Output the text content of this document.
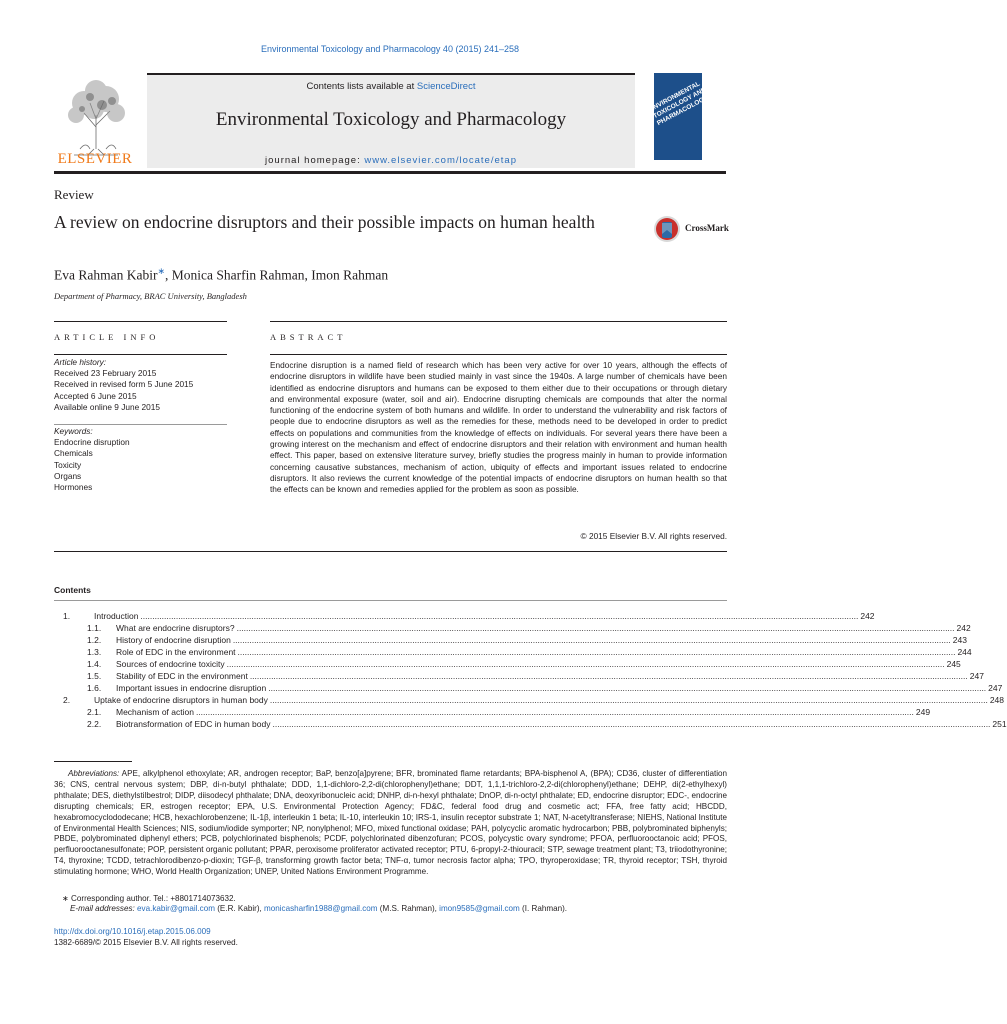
Environmental Toxicology and Pharmacology 40 (2015) 241–258
ELSEVIER
Contents lists available at ScienceDirect
Environmental Toxicology and Pharmacology
journal homepage: www.elsevier.com/locate/etap
ENVIRONMENTAL TOXICOLOGY AND PHARMACOLOGY
Review
A review on endocrine disruptors and their possible impacts on human health	CrossMark
Eva Rahman Kabir∗, Monica Sharfin Rahman, Imon Rahman
Department of Pharmacy, BRAC University, Bangladesh
ARTICLE INFO
Article history:
Received 23 February 2015
Received in revised form 5 June 2015
Accepted 6 June 2015
Available online 9 June 2015
Keywords:
Endocrine disruption
Chemicals
Toxicity
Organs
Hormones
ABSTRACT
Endocrine disruption is a named field of research which has been very active for over 10 years, although the effects of endocrine disruptors in wildlife have been studied mainly in vast since the 1940s. A large number of chemicals have been identified as endocrine disruptors and humans can be exposed to them either due to their occupations or through dietary and environmental exposure (water, soil and air). Endocrine disrupting chemicals are compounds that alter the normal functioning of the endocrine system of both humans and wildlife. In order to understand the vulnerability and risk factors of people due to endocrine disruptors as well as the remedies for these, methods need to be developed in order to predict effects on populations and communities from the knowledge of effects on individuals. For several years there have been a growing interest on the mechanism and effect of endocrine disruptors and their relation with environment and human health effect. This paper, based on extensive literature survey, briefly studies the progress mainly in human to provide information concerning causative substances, mechanism of action, ubiquity of effects and important issues related to endocrine disruptors. It also reviews the current knowledge of the potential impacts of endocrine disruptors on human health so that the effects can be known and remedies applied for the problem as soon as possible.
© 2015 Elsevier B.V. All rights reserved.
Contents
1.	Introduction .....	242
1.1.	What are endocrine disruptors? .....	242
1.2.	History of endocrine disruption .....	243
1.3.	Role of EDC in the environment .....	244
1.4.	Sources of endocrine toxicity .....	245
1.5.	Stability of EDC in the environment .....	247
1.6.	Important issues in endocrine disruption .....	247
2.	Uptake of endocrine disruptors in human body .....	248
2.1.	Mechanism of action .....	249
2.2.	Biotransformation of EDC in human body .....	251
Abbreviations: APE, alkylphenol ethoxylate; AR, androgen receptor; BaP, benzo[a]pyrene; BFR, brominated flame retardants; BPA-bisphenol A, (BPA); CD36, cluster of differentiation 36; CNS, central nervous system; DBP, di-n-butyl phthalate; DDD, 1,1-dichloro-2,2-di(chlorophenyl)ethane; DDT, 1,1,1-trichloro-2,2-di(chlorophenyl)ethane; DEHP, di(2-ethylhexyl) phthalate; DES, diethylstilbestrol; DIDP, diisodecyl phthalate; DNA, deoxyribonucleic acid; DNHP, di-n-hexyl phthalate; DnOP, di-n-octyl phthalate; ED, endocrine disruptor; EDC-, endocrine disrupting chemicals; ER, estrogen receptor; EPA, U.S. Environmental Protection Agency; FD&C, federal food drug and cosmetic act; FFA, free fatty acid; HBCDD, hexabromocyclododecane; HCB, hexachlorobenzene; IL-1β, interleukin 1 beta; IL-10, interleukin 10; IRS-1, insulin receptor substrate 1; NAT, N-acetyltransferase; NIEHS, National Institute of Environmental Health Sciences; NIS, sodium/iodide symporter; NP, nonylphenol; MFO, mixed functional oxidase; PAH, polycyclic aromatic hydrocarbon; PBB, polybrominated biphenyls; PBDE, polybrominated diphenyl ethers; PCB, polychlorinated bisphenols; PCDF, polychlorinated dibenzofuran; PCOS, polycystic ovary syndrome; PFOA, perfluorooctanoic acid; PFOS, perfluorooctanesulfonate; POP, persistent organic pollutant; PPAR, peroxisome proliferator activated receptor; PTU, 6-propyl-2-thiouracil; STP, sewage treatment plant; T3, triiodothyronine; T4, thyroxine; TCDD, tetrachlorodibenzo-p-dioxin; TGF-β, transforming growth factor beta; TNF-α, tumor necrosis factor alpha; TPO, thyroperoxidase; TR, thyroid receptor; TSH, thyroid stimulating hormone; WHO, World Health Organization; UNEP, United Nations Environment Programme.
∗ Corresponding author. Tel.: +8801714073632.
E-mail addresses: eva.kabir@gmail.com (E.R. Kabir), monicasharfin1988@gmail.com (M.S. Rahman), imon9585@gmail.com (I. Rahman).
http://dx.doi.org/10.1016/j.etap.2015.06.009
1382-6689/© 2015 Elsevier B.V. All rights reserved.
